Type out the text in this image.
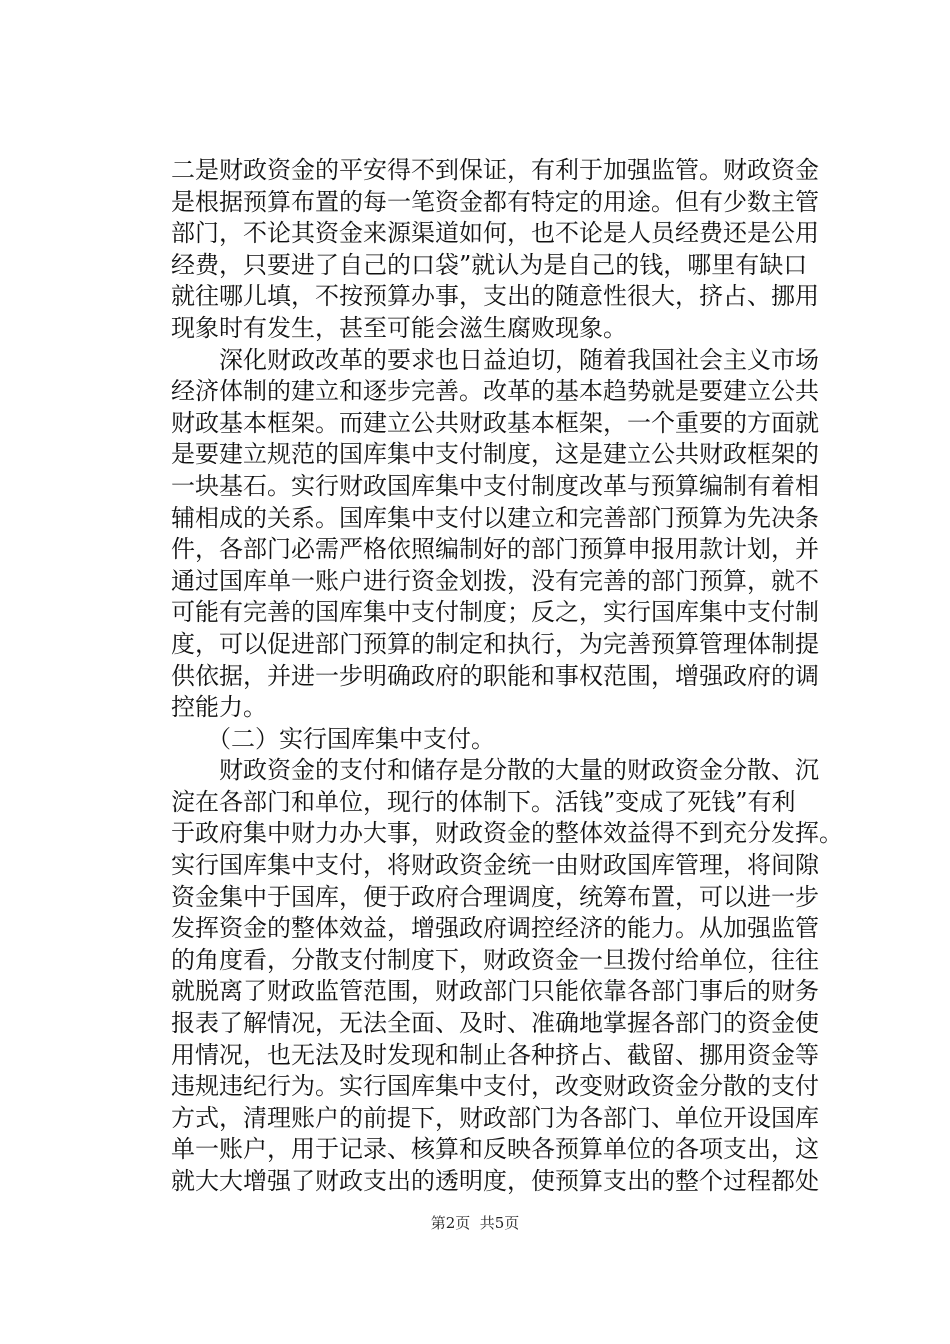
二是财政资金的平安得不到保证，有利于加强监管。财政资金
是根据预算布置的每一笔资金都有特定的用途。但有少数主管
部门，不论其资金来源渠道如何，也不论是人员经费还是公用
经费，只要进了自己的口袋”就认为是自己的钱，哪里有缺口
就往哪儿填，不按预算办事，支出的随意性很大，挤占、挪用
现象时有发生，甚至可能会滋生腐败现象。
　　深化财政改革的要求也日益迫切，随着我国社会主义市场
经济体制的建立和逐步完善。改革的基本趋势就是要建立公共
财政基本框架。而建立公共财政基本框架，一个重要的方面就
是要建立规范的国库集中支付制度，这是建立公共财政框架的
一块基石。实行财政国库集中支付制度改革与预算编制有着相
辅相成的关系。国库集中支付以建立和完善部门预算为先决条
件，各部门必需严格依照编制好的部门预算申报用款计划，并
通过国库单一账户进行资金划拨，没有完善的部门预算，就不
可能有完善的国库集中支付制度；反之，实行国库集中支付制
度，可以促进部门预算的制定和执行，为完善预算管理体制提
供依据，并进一步明确政府的职能和事权范围，增强政府的调
控能力。
　　（二）实行国库集中支付。
　　财政资金的支付和储存是分散的大量的财政资金分散、沉
淀在各部门和单位，现行的体制下。活钱”变成了死钱”有利
于政府集中财力办大事，财政资金的整体效益得不到充分发挥。
实行国库集中支付，将财政资金统一由财政国库管理，将间隙
资金集中于国库，便于政府合理调度，统筹布置，可以进一步
发挥资金的整体效益，增强政府调控经济的能力。从加强监管
的角度看，分散支付制度下，财政资金一旦拨付给单位，往往
就脱离了财政监管范围，财政部门只能依靠各部门事后的财务
报表了解情况，无法全面、及时、准确地掌握各部门的资金使
用情况，也无法及时发现和制止各种挤占、截留、挪用资金等
违规违纪行为。实行国库集中支付，改变财政资金分散的支付
方式，清理账户的前提下，财政部门为各部门、单位开设国库
单一账户，用于记录、核算和反映各预算单位的各项支出，这
就大大增强了财政支出的透明度，使预算支出的整个过程都处
第2页  共5页
